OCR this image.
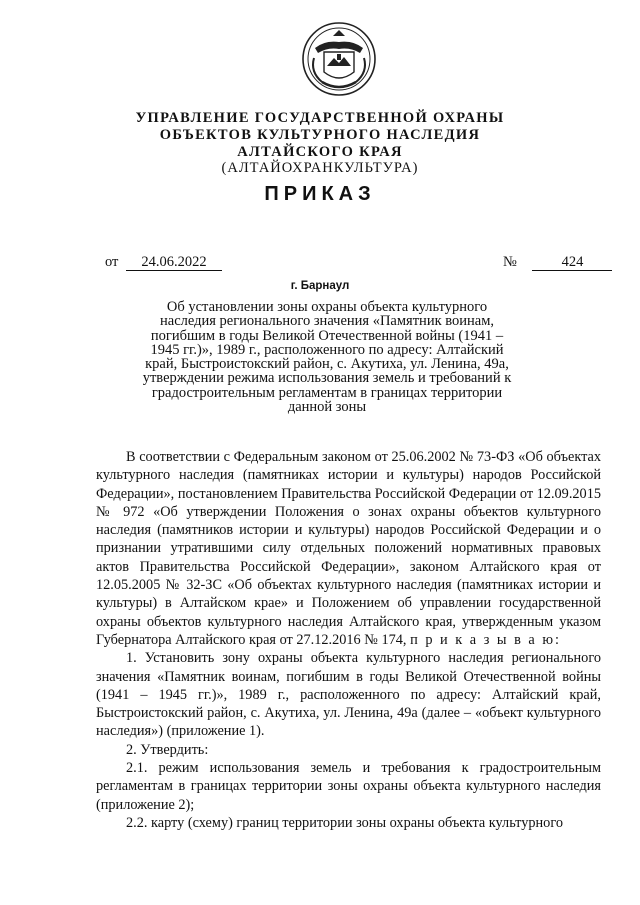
УПРАВЛЕНИЕ ГОСУДАРСТВЕННОЙ ОХРАНЫ
ОБЪЕКТОВ КУЛЬТУРНОГО НАСЛЕДИЯ
АЛТАЙСКОГО КРАЯ
(АЛТАЙОХРАНКУЛЬТУРА)
ПРИКАЗ
от 24.06.2022	№	424
г. Барнаул
Об установлении зоны охраны объекта культурного наследия регионального значения «Памятник воинам, погибшим в годы Великой Отечественной войны (1941 – 1945 гг.)», 1989 г., расположенного по адресу: Алтайский край, Быстроистокский район, с. Акутиха, ул. Ленина, 49а, утверждении режима использования земель и требований к градостроительным регламентам в границах территории данной зоны

В соответствии с Федеральным законом от 25.06.2002 № 73-ФЗ «Об объектах культурного наследия (памятниках истории и культуры) народов Российской Федерации», постановлением Правительства Российской Федерации от 12.09.2015 № 972 «Об утверждении Положения о зонах охраны объектов культурного наследия (памятников истории и культуры) народов Российской Федерации и о признании утратившими силу отдельных положений нормативных правовых актов Правительства Российской Федерации», законом Алтайского края от 12.05.2005 № 32-ЗС «Об объектах культурного наследия (памятниках истории и культуры) в Алтайском крае» и Положением об управлении государственной охраны объектов культурного наследия Алтайского края, утвержденным указом Губернатора Алтайского края от 27.12.2016 № 174, п р и к а з ы в а ю:

1. Установить зону охраны объекта культурного наследия регионального значения «Памятник воинам, погибшим в годы Великой Отечественной войны (1941 – 1945 гг.)», 1989 г., расположенного по адресу: Алтайский край, Быстроистокский район, с. Акутиха, ул. Ленина, 49а (далее – «объект культурного наследия») (приложение 1).

2. Утвердить:

2.1. режим использования земель и требования к градостроительным регламентам в границах территории зоны охраны объекта культурного наследия (приложение 2);

2.2. карту (схему) границ территории зоны охраны объекта культурного
